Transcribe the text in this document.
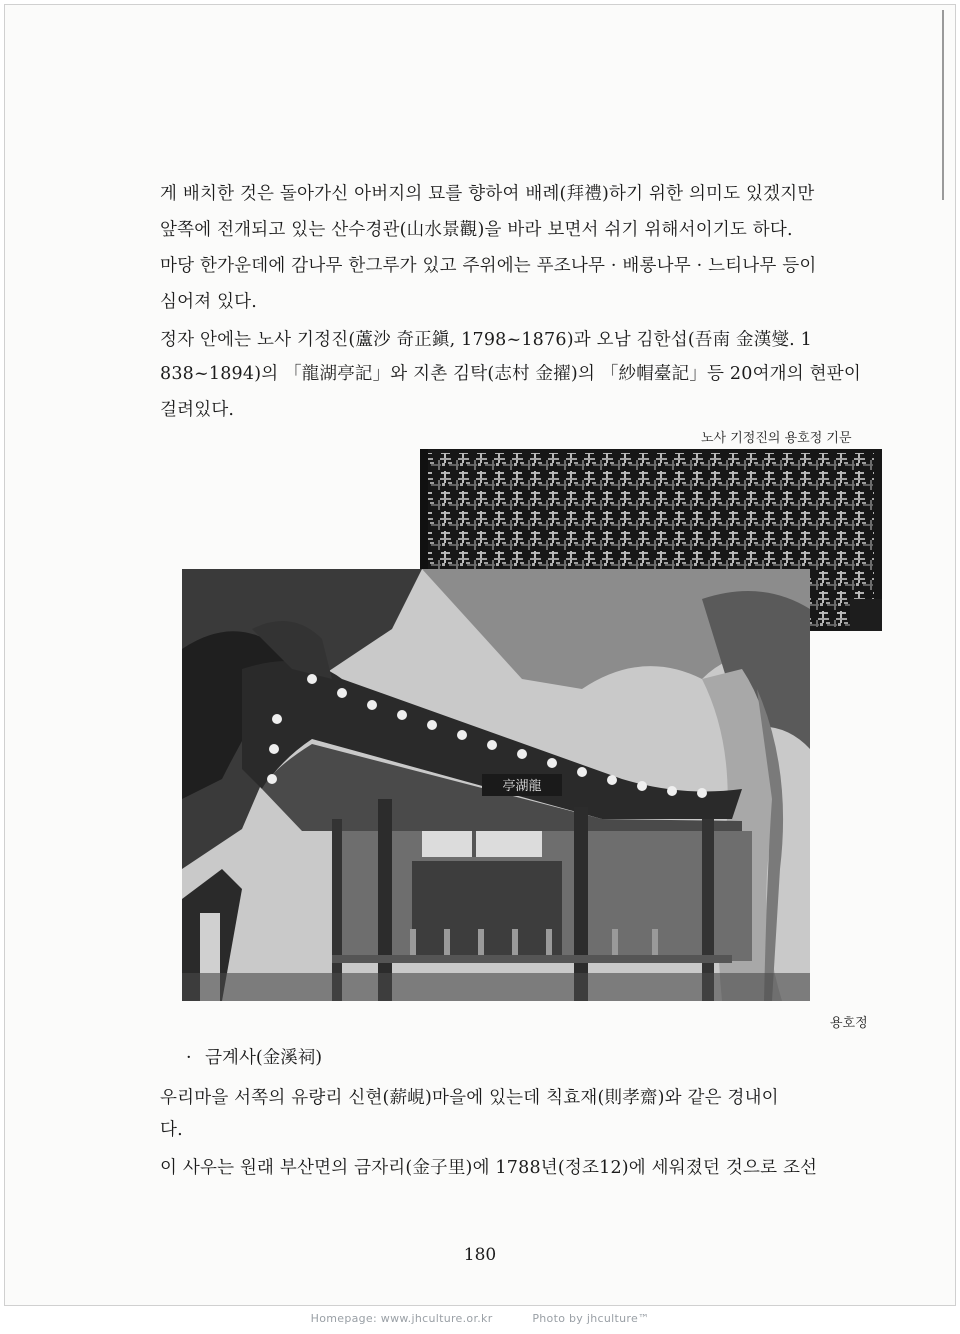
게 배치한 것은 돌아가신 아버지의 묘를 향하여 배례(拜禮)하기 위한 의미도 있겠지만

앞쪽에 전개되고 있는 산수경관(山水景觀)을 바라 보면서 쉬기 위해서이기도 하다.

마당 한가운데에 감나무 한그루가 있고 주위에는 푸조나무 · 배롱나무 · 느티나무 등이

심어져 있다.

정자 안에는 노사 기정진(蘆沙 奇正鎭, 1798~1876)과 오남 김한섭(吾南 金漢燮. 1

838~1894)의 「龍湖亭記」와 지촌 김탁(志村 金擢)의 「紗帽臺記」등 20여개의 현판이

걸려있다.

노사 기정진의 용호정 기문
亭湖龍
용호정
· 금계사(金溪祠)

우리마을 서쪽의 유량리 신현(薪峴)마을에 있는데 칙효재(則孝齋)와 같은 경내이

다.

이 사우는 원래 부산면의 금자리(金子里)에 1788년(정조12)에 세워졌던 것으로 조선

180
Homepage: www.jhculture.or.kr	Photo by jhculture™
